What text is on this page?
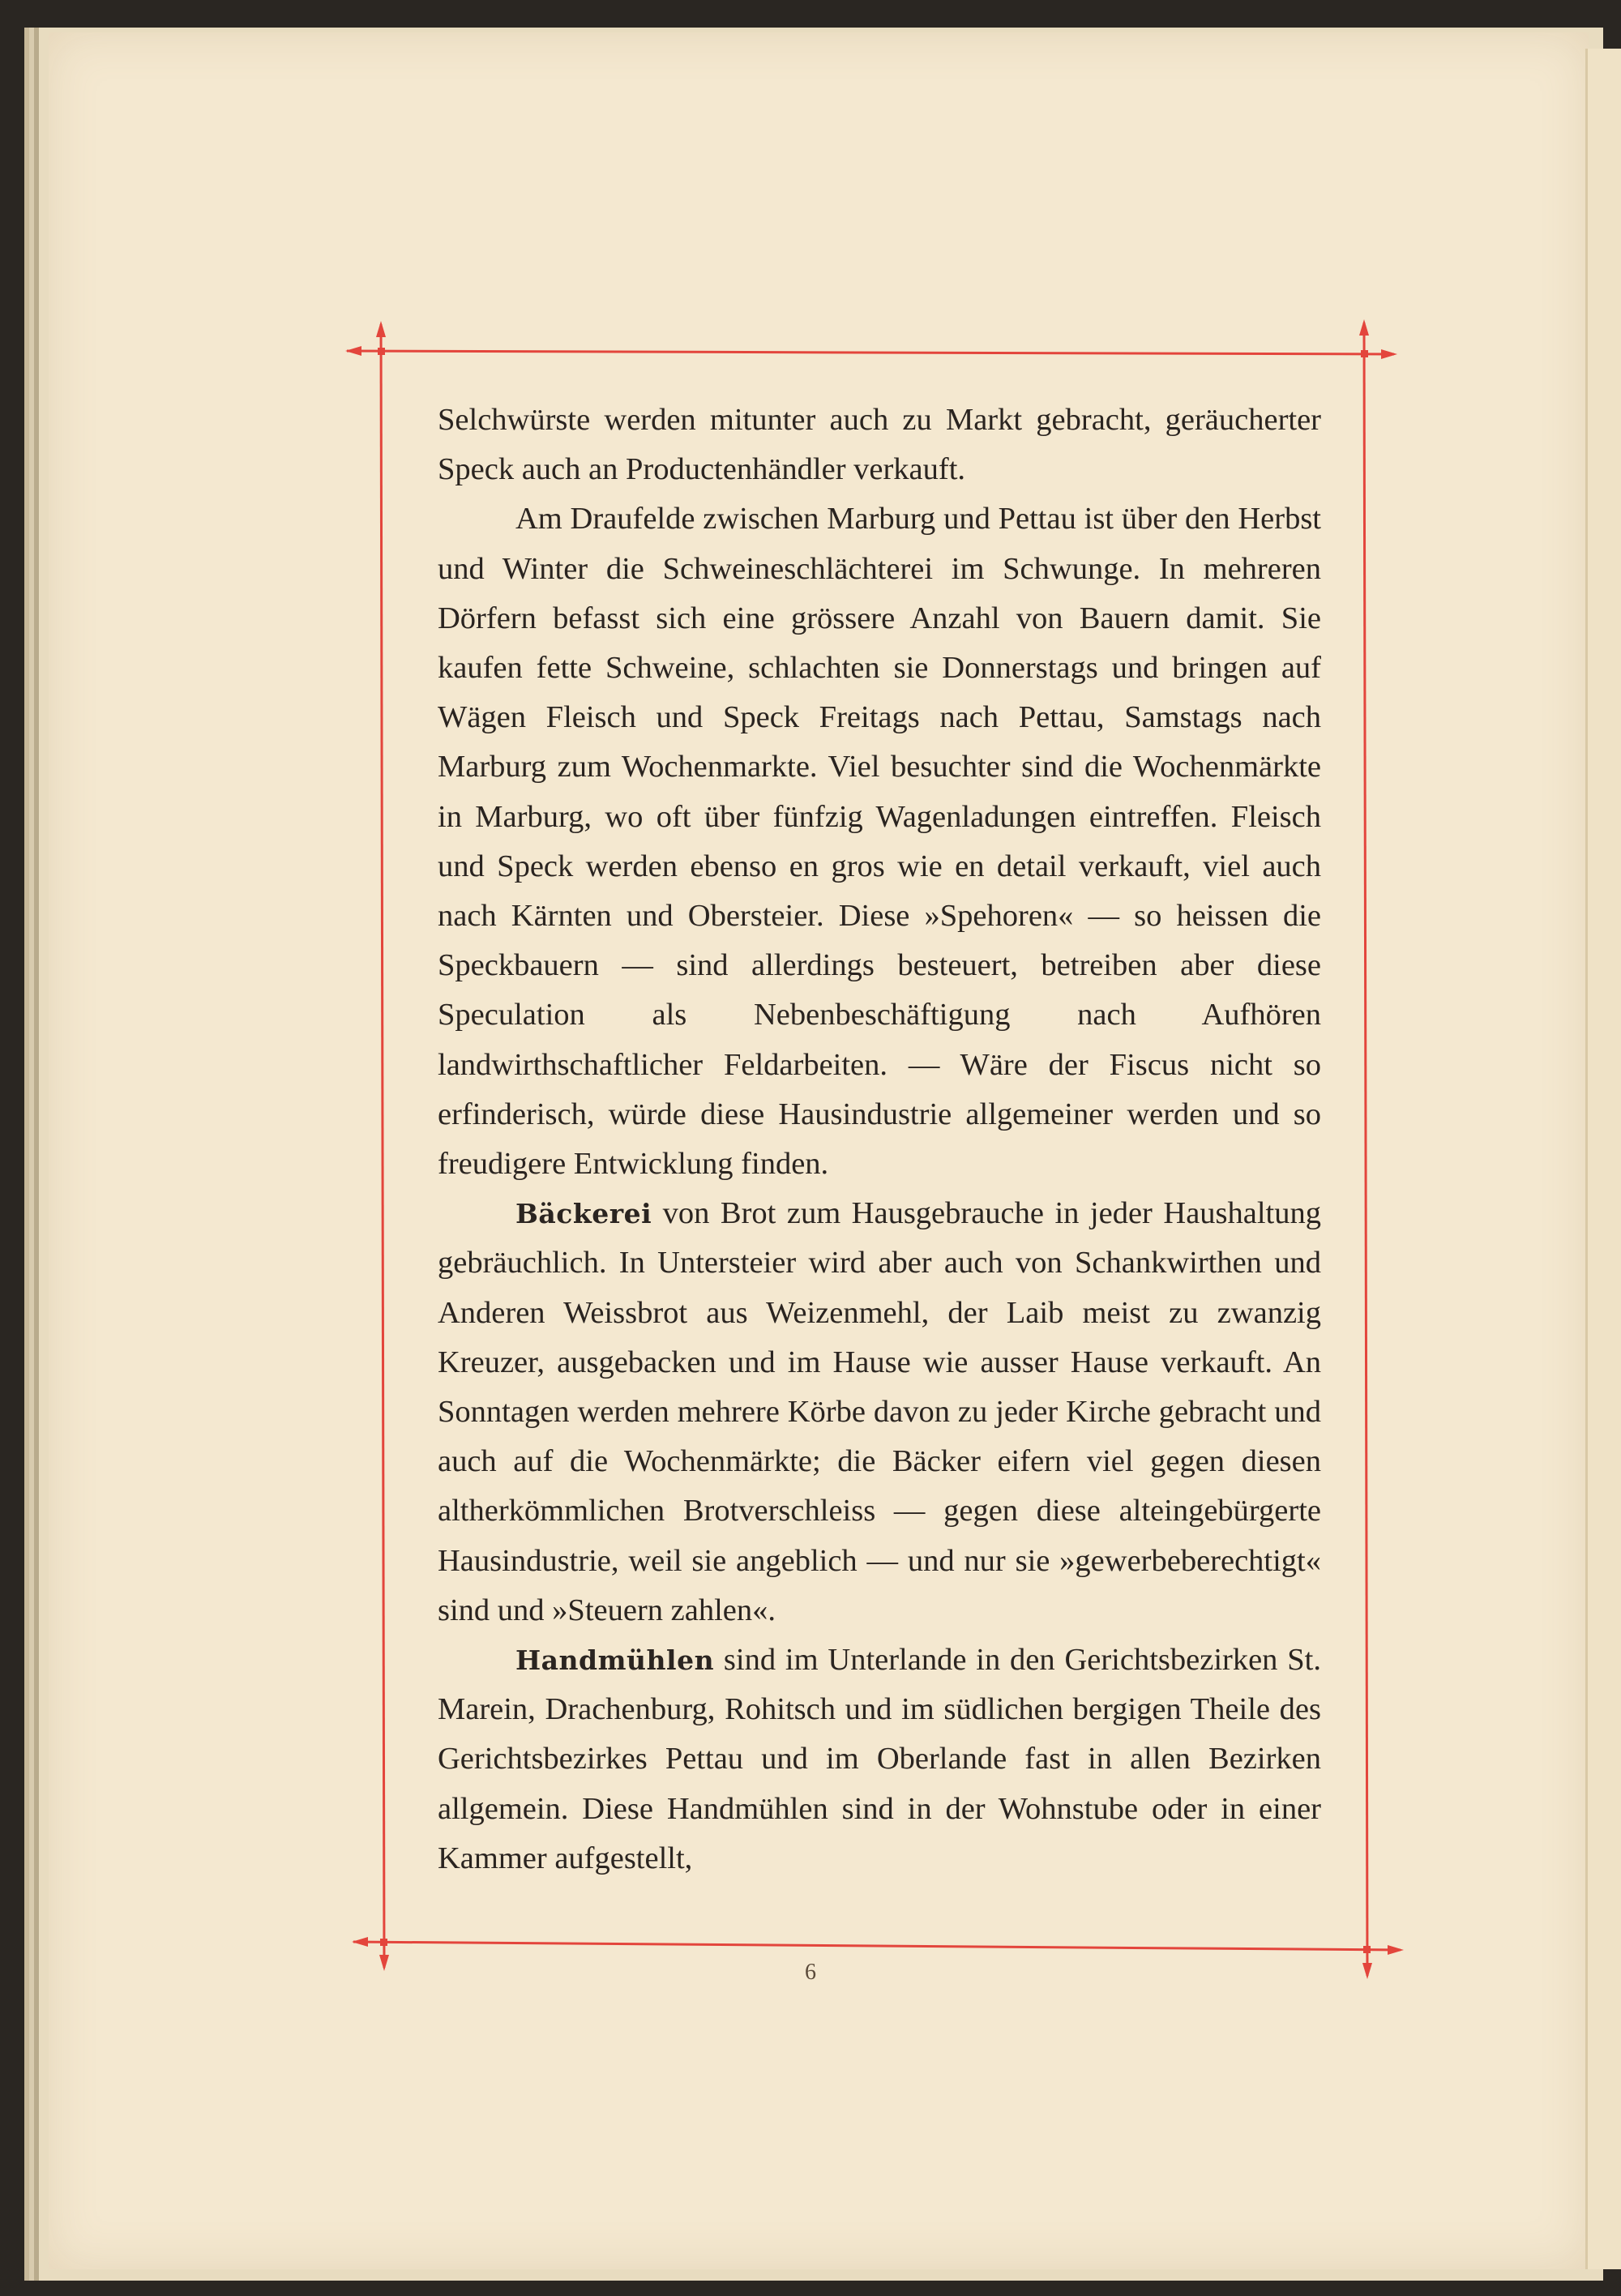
Selchwürste werden mitunter auch zu Markt gebracht, geräucherter Speck auch an Productenhändler verkauft.

Am Draufelde zwischen Marburg und Pettau ist über den Herbst und Winter die Schweineschlächterei im Schwunge. In mehreren Dörfern befasst sich eine grössere Anzahl von Bauern damit. Sie kaufen fette Schweine, schlachten sie Donnerstags und bringen auf Wägen Fleisch und Speck Freitags nach Pettau, Samstags nach Marburg zum Wochenmarkte. Viel besuchter sind die Wochenmärkte in Marburg, wo oft über fünfzig Wagenladungen eintreffen. Fleisch und Speck werden ebenso en gros wie en detail verkauft, viel auch nach Kärnten und Obersteier. Diese »Spehoren« — so heissen die Speckbauern — sind allerdings besteuert, betreiben aber diese Speculation als Nebenbeschäftigung nach Aufhören landwirthschaftlicher Feldarbeiten. — Wäre der Fiscus nicht so erfinderisch, würde diese Hausindustrie allgemeiner werden und so freudigere Entwicklung finden.

Bäckerei von Brot zum Hausgebrauche in jeder Haushaltung gebräuchlich. In Untersteier wird aber auch von Schankwirthen und Anderen Weissbrot aus Weizenmehl, der Laib meist zu zwanzig Kreuzer, ausgebacken und im Hause wie ausser Hause verkauft. An Sonntagen werden mehrere Körbe davon zu jeder Kirche gebracht und auch auf die Wochenmärkte; die Bäcker eifern viel gegen diesen altherkömmlichen Brotverschleiss — gegen diese alteingebürgerte Hausindustrie, weil sie angeblich — und nur sie »gewerbeberechtigt« sind und »Steuern zahlen«.

Handmühlen sind im Unterlande in den Gerichtsbezirken St. Marein, Drachenburg, Rohitsch und im südlichen bergigen Theile des Gerichtsbezirkes Pettau und im Oberlande fast in allen Bezirken allgemein. Diese Handmühlen sind in der Wohnstube oder in einer Kammer aufgestellt,

6
